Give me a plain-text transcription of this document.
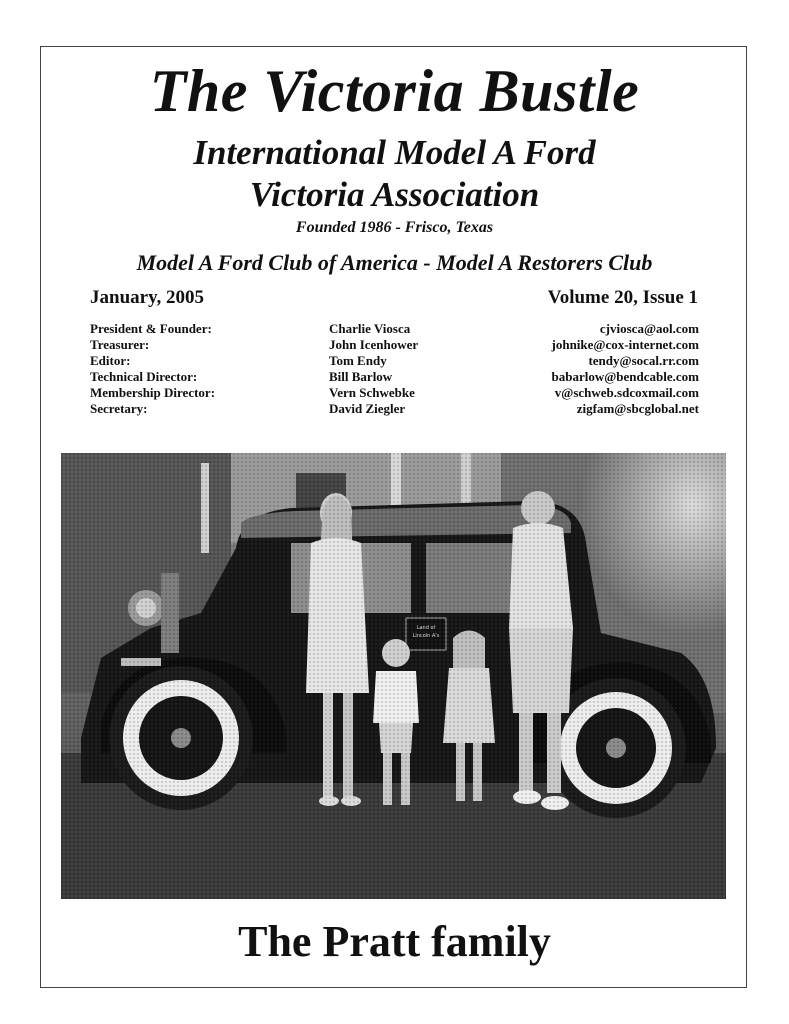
The Victoria Bustle
International Model A Ford
Victoria Association
Founded 1986 - Frisco, Texas
Model A Ford Club of America - Model A Restorers Club
January, 2005	Volume 20, Issue 1
President & Founder:	Charlie Viosca	cjviosca@aol.com
Treasurer:	John Icenhower	johnike@cox-internet.com
Editor:	Tom Endy	tendy@socal.rr.com
Technical Director:	Bill Barlow	babarlow@bendcable.com
Membership Director:	Vern Schwebke	v@schweb.sdcoxmail.com
Secretary:	David Ziegler	zigfam@sbcglobal.net
The Pratt family
